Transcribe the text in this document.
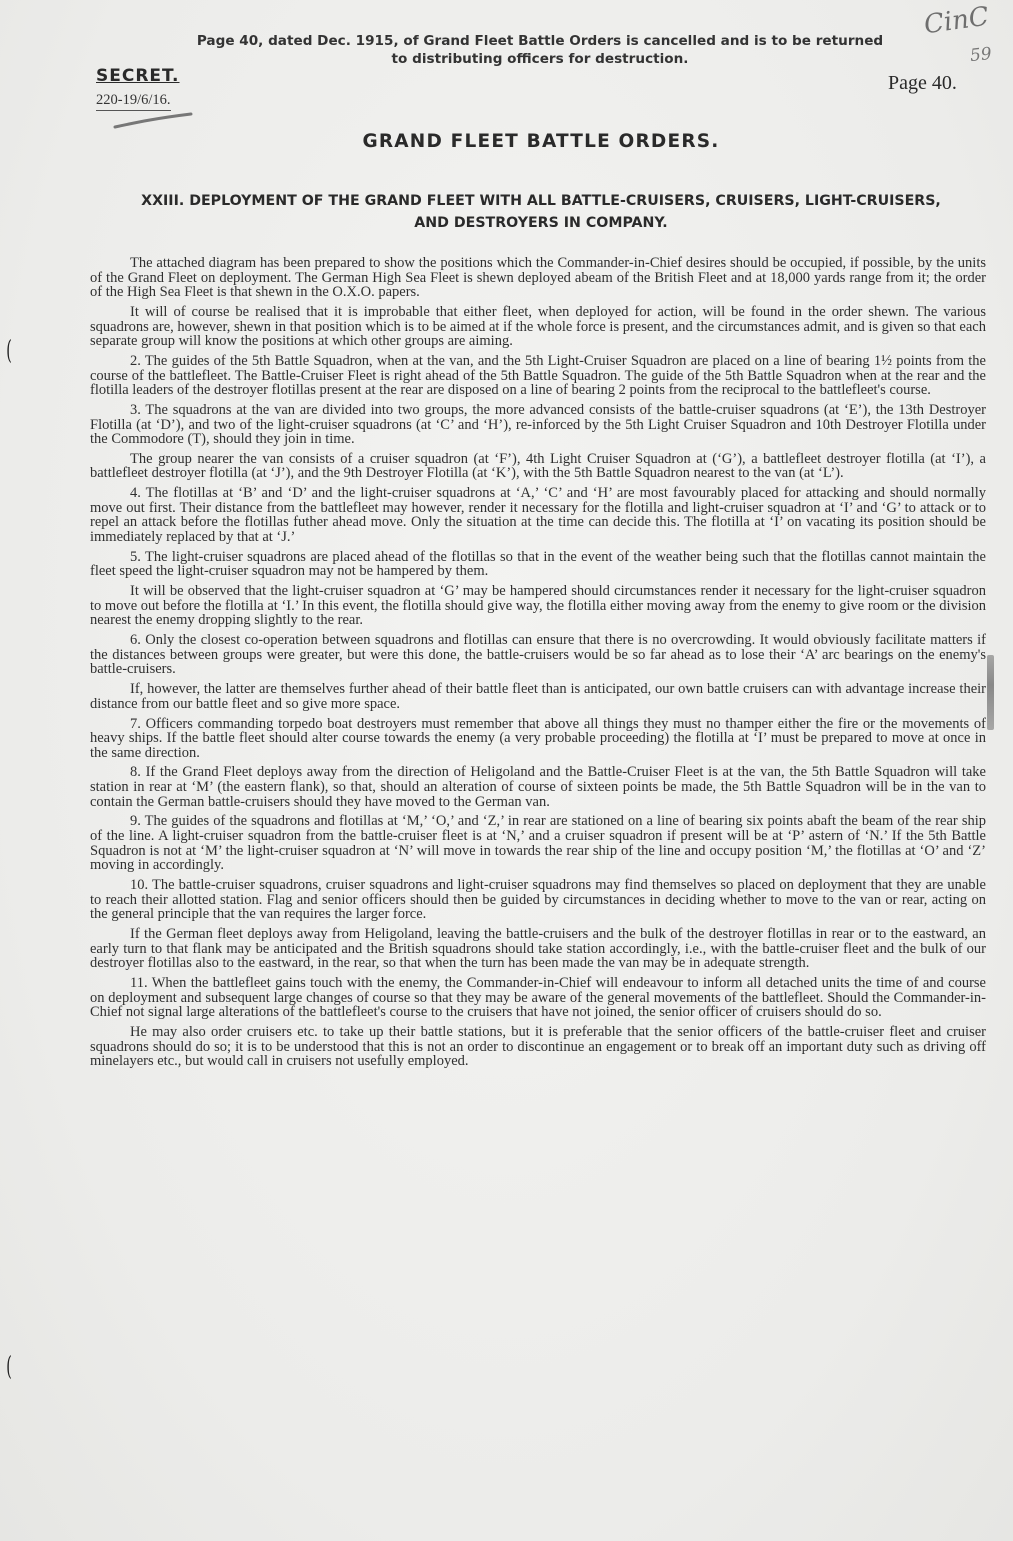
Page 40, dated Dec. 1915, of Grand Fleet Battle Orders is cancelled and is to be returned
to distributing officers for destruction.
CinC
59
SECRET.
220-19/6/16.
Page 40.
GRAND FLEET BATTLE ORDERS.
XXIII. DEPLOYMENT OF THE GRAND FLEET WITH ALL BATTLE-CRUISERS, CRUISERS, LIGHT-CRUISERS, AND DESTROYERS IN COMPANY.

The attached diagram has been prepared to show the positions which the Commander-in-Chief desires should be occupied, if possible, by the units of the Grand Fleet on deployment. The German High Sea Fleet is shewn deployed abeam of the British Fleet and at 18,000 yards range from it; the order of the High Sea Fleet is that shewn in the O.X.O. papers.

It will of course be realised that it is improbable that either fleet, when deployed for action, will be found in the order shewn. The various squadrons are, however, shewn in that position which is to be aimed at if the whole force is present, and the circumstances admit, and is given so that each separate group will know the positions at which other groups are aiming.

2. The guides of the 5th Battle Squadron, when at the van, and the 5th Light-Cruiser Squadron are placed on a line of bearing 1½ points from the course of the battlefleet. The Battle-Cruiser Fleet is right ahead of the 5th Battle Squadron. The guide of the 5th Battle Squadron when at the rear and the flotilla leaders of the destroyer flotillas present at the rear are disposed on a line of bearing 2 points from the reciprocal to the battlefleet's course.

3. The squadrons at the van are divided into two groups, the more advanced consists of the battle-cruiser squadrons (at ‘E’), the 13th Destroyer Flotilla (at ‘D’), and two of the light-cruiser squadrons (at ‘C’ and ‘H’), re-inforced by the 5th Light Cruiser Squadron and 10th Destroyer Flotilla under the Commodore (T), should they join in time.

The group nearer the van consists of a cruiser squadron (at ‘F’), 4th Light Cruiser Squadron at (‘G’), a battlefleet destroyer flotilla (at ‘I’), a battlefleet destroyer flotilla (at ‘J’), and the 9th Destroyer Flotilla (at ‘K’), with the 5th Battle Squadron nearest to the van (at ‘L’).

4. The flotillas at ‘B’ and ‘D’ and the light-cruiser squadrons at ‘A,’ ‘C’ and ‘H’ are most favourably placed for attacking and should normally move out first. Their distance from the battlefleet may however, render it necessary for the flotilla and light-cruiser squadron at ‘I’ and ‘G’ to attack or to repel an attack before the flotillas futher ahead move. Only the situation at the time can decide this. The flotilla at ‘I’ on vacating its position should be immediately replaced by that at ‘J.’

5. The light-cruiser squadrons are placed ahead of the flotillas so that in the event of the weather being such that the flotillas cannot maintain the fleet speed the light-cruiser squadron may not be hampered by them.

It will be observed that the light-cruiser squadron at ‘G’ may be hampered should circumstances render it necessary for the light-cruiser squadron to move out before the flotilla at ‘I.’ In this event, the flotilla should give way, the flotilla either moving away from the enemy to give room or the division nearest the enemy dropping slightly to the rear.

6. Only the closest co-operation between squadrons and flotillas can ensure that there is no overcrowding. It would obviously facilitate matters if the distances between groups were greater, but were this done, the battle-cruisers would be so far ahead as to lose their ‘A’ arc bearings on the enemy's battle-cruisers.

If, however, the latter are themselves further ahead of their battle fleet than is anticipated, our own battle cruisers can with advantage increase their distance from our battle fleet and so give more space.

7. Officers commanding torpedo boat destroyers must remember that above all things they must no thamper either the fire or the movements of heavy ships. If the battle fleet should alter course towards the enemy (a very probable proceeding) the flotilla at ‘I’ must be prepared to move at once in the same direction.

8. If the Grand Fleet deploys away from the direction of Heligoland and the Battle-Cruiser Fleet is at the van, the 5th Battle Squadron will take station in rear at ‘M’ (the eastern flank), so that, should an alteration of course of sixteen points be made, the 5th Battle Squadron will be in the van to contain the German battle-cruisers should they have moved to the German van.

9. The guides of the squadrons and flotillas at ‘M,’ ‘O,’ and ‘Z,’ in rear are stationed on a line of bearing six points abaft the beam of the rear ship of the line. A light-cruiser squadron from the battle-cruiser fleet is at ‘N,’ and a cruiser squadron if present will be at ‘P’ astern of ‘N.’ If the 5th Battle Squadron is not at ‘M’ the light-cruiser squadron at ‘N’ will move in towards the rear ship of the line and occupy position ‘M,’ the flotillas at ‘O’ and ‘Z’ moving in accordingly.

10. The battle-cruiser squadrons, cruiser squadrons and light-cruiser squadrons may find themselves so placed on deployment that they are unable to reach their allotted station. Flag and senior officers should then be guided by circumstances in deciding whether to move to the van or rear, acting on the general principle that the van requires the larger force.

If the German fleet deploys away from Heligoland, leaving the battle-cruisers and the bulk of the destroyer flotillas in rear or to the eastward, an early turn to that flank may be anticipated and the British squadrons should take station accordingly, i.e., with the battle-cruiser fleet and the bulk of our destroyer flotillas also to the eastward, in the rear, so that when the turn has been made the van may be in adequate strength.

11. When the battlefleet gains touch with the enemy, the Commander-in-Chief will endeavour to inform all detached units the time of and course on deployment and subsequent large changes of course so that they may be aware of the general movements of the battlefleet. Should the Commander-in-Chief not signal large alterations of the battlefleet's course to the cruisers that have not joined, the senior officer of cruisers should do so.

He may also order cruisers etc. to take up their battle stations, but it is preferable that the senior officers of the battle-cruiser fleet and cruiser squadrons should do so; it is to be understood that this is not an order to discontinue an engagement or to break off an important duty such as driving off minelayers etc., but would call in cruisers not usefully employed.

(
(
